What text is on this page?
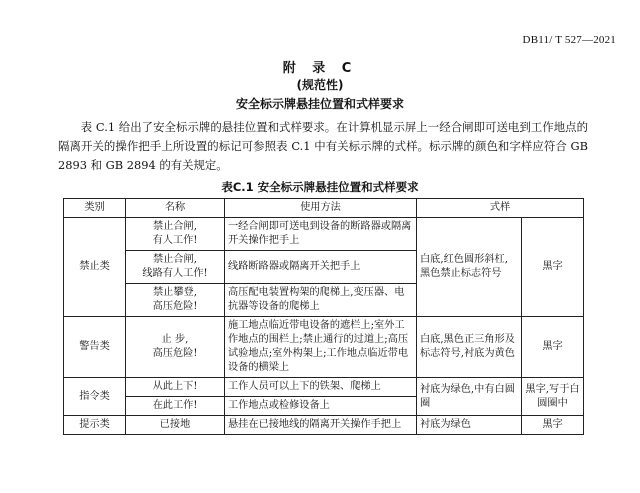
DB11/ T 527—2021
附 录 C
(规范性)
安全标示牌悬挂位置和式样要求
表 C.1 给出了安全标示牌的悬挂位置和式样要求。在计算机显示屏上一经合闸即可送电到工作地点的隔离开关的操作把手上所设置的标记可参照表 C.1 中有关标示牌的式样。标示牌的颜色和字样应符合 GB 2893 和 GB 2894 的有关规定。
表C.1 安全标示牌悬挂位置和式样要求
类别	名称	使用方法	式样	
禁止类	禁止合闸,
有人工作!	一经合闸即可送电到设备的断路器或隔离开关操作把手上	白底,红色圆形斜杠,黑色禁止标志符号	黑字
	禁止合闸,
线路有人工作!	线路断路器或隔离开关把手上		
	禁止攀登,
高压危险!	高压配电装置构架的爬梯上,变压器、电抗器等设备的爬梯上		
警告类	止 步,
高压危险!	施工地点临近带电设备的遮栏上;室外工作地点的围栏上;禁止通行的过道上;高压试验地点;室外构架上;工作地点临近带电设备的横梁上	白底,黑色正三角形及标志符号,衬底为黄色	黑字
指令类	从此上下!	工作人员可以上下的铁架、爬梯上	衬底为绿色,中有白圆圈	黑字,写于白圆圈中
	在此工作!	工作地点或检修设备上		
提示类	已接地	悬挂在已接地线的隔离开关操作手把上	衬底为绿色	黑字
